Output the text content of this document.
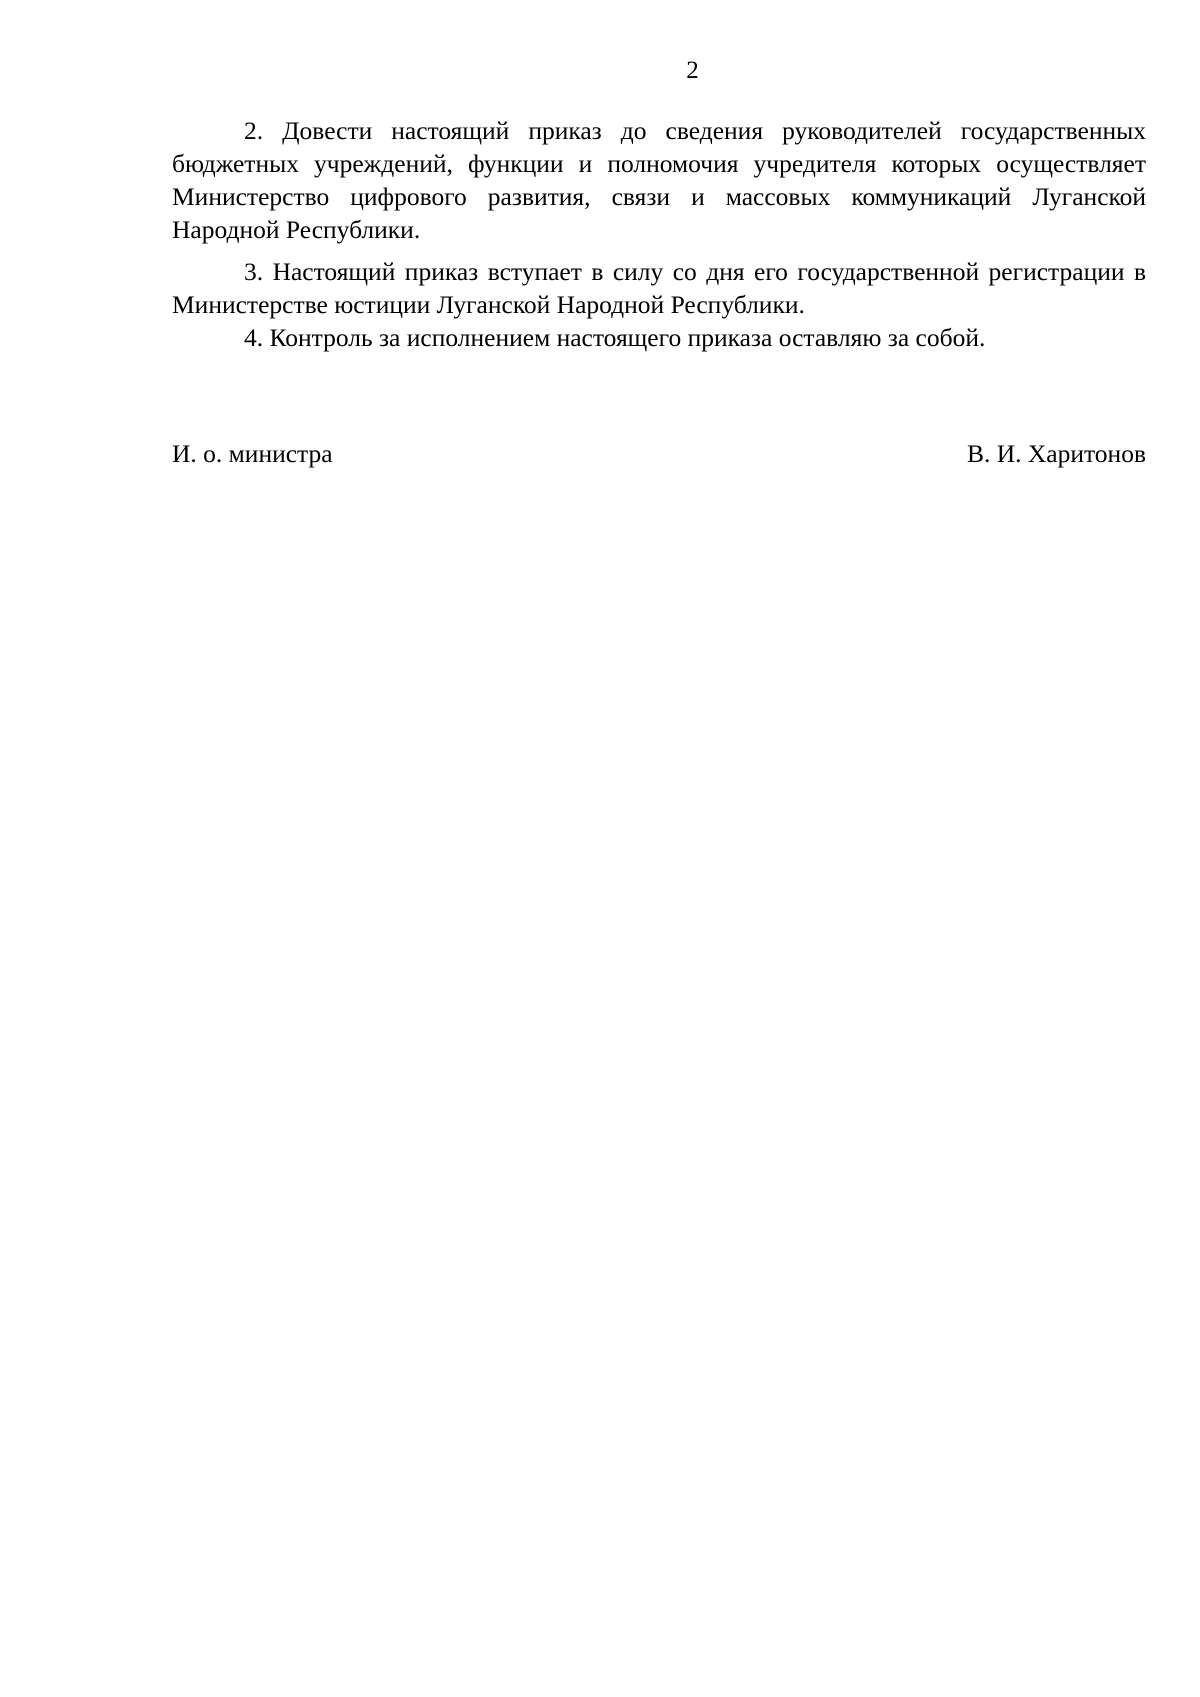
2

2. Довести настоящий приказ до сведения руководителей государственных бюджетных учреждений, функции и полномочия учредителя которых осуществляет Министерство цифрового развития, связи и массовых коммуникаций Луганской Народной Республики.

3. Настоящий приказ вступает в силу со дня его государственной регистрации в Министерстве юстиции Луганской Народной Республики.

4. Контроль за исполнением настоящего приказа оставляю за собой.

И. о. министра	В. И. Харитонов
